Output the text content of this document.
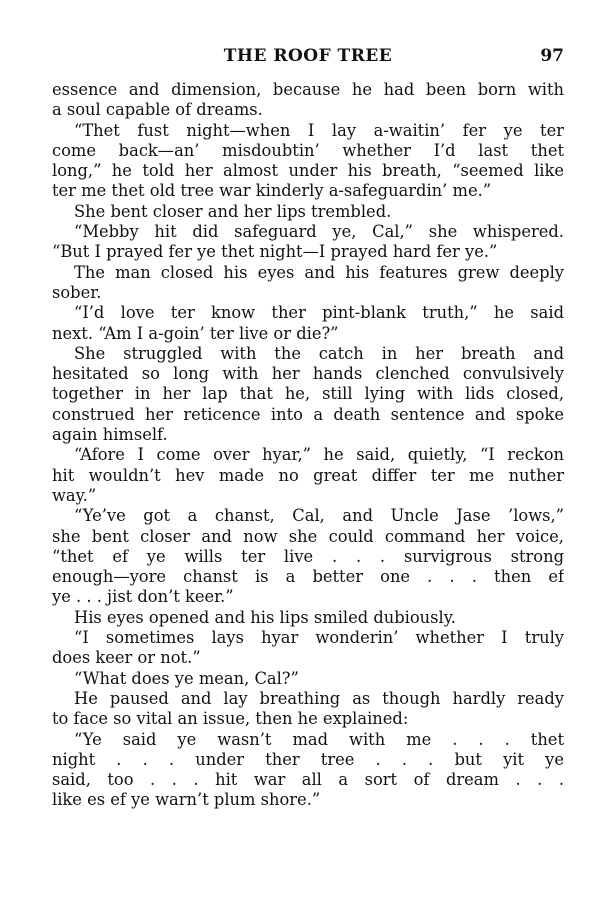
THE ROOF TREE	97
essence and dimension, because he had been born with
a soul capable of dreams.
“Thet fust night—when I lay a-waitin’ fer ye ter
come back—an’ misdoubtin’ whether I’d last thet
long,” he told her almost under his breath, “seemed like
ter me thet old tree war kinderly a-safeguardin’ me.”
She bent closer and her lips trembled.
“Mebby hit did safeguard ye, Cal,” she whispered.
“But I prayed fer ye thet night—I prayed hard fer ye.”
The man closed his eyes and his features grew deeply
sober.
“I’d love ter know ther pint-blank truth,” he said
next. “Am I a-goin’ ter live or die?”
She struggled with the catch in her breath and
hesitated so long with her hands clenched convulsively
together in her lap that he, still lying with lids closed,
construed her reticence into a death sentence and spoke
again himself.
“Afore I come over hyar,” he said, quietly, “I reckon
hit wouldn’t hev made no great differ ter me nuther
way.”
“Ye’ve got a chanst, Cal, and Uncle Jase ’lows,”
she bent closer and now she could command her voice,
“thet ef ye wills ter live . . . survigrous strong
enough—yore chanst is a better one . . . then ef
ye . . . jist don’t keer.”
His eyes opened and his lips smiled dubiously.
“I sometimes lays hyar wonderin’ whether I truly
does keer or not.”
“What does ye mean, Cal?”
He paused and lay breathing as though hardly ready
to face so vital an issue, then he explained:
“Ye said ye wasn’t mad with me . . . thet
night . . . under ther tree . . . but yit ye
said, too . . . hit war all a sort of dream . . .
like es ef ye warn’t plum shore.”
